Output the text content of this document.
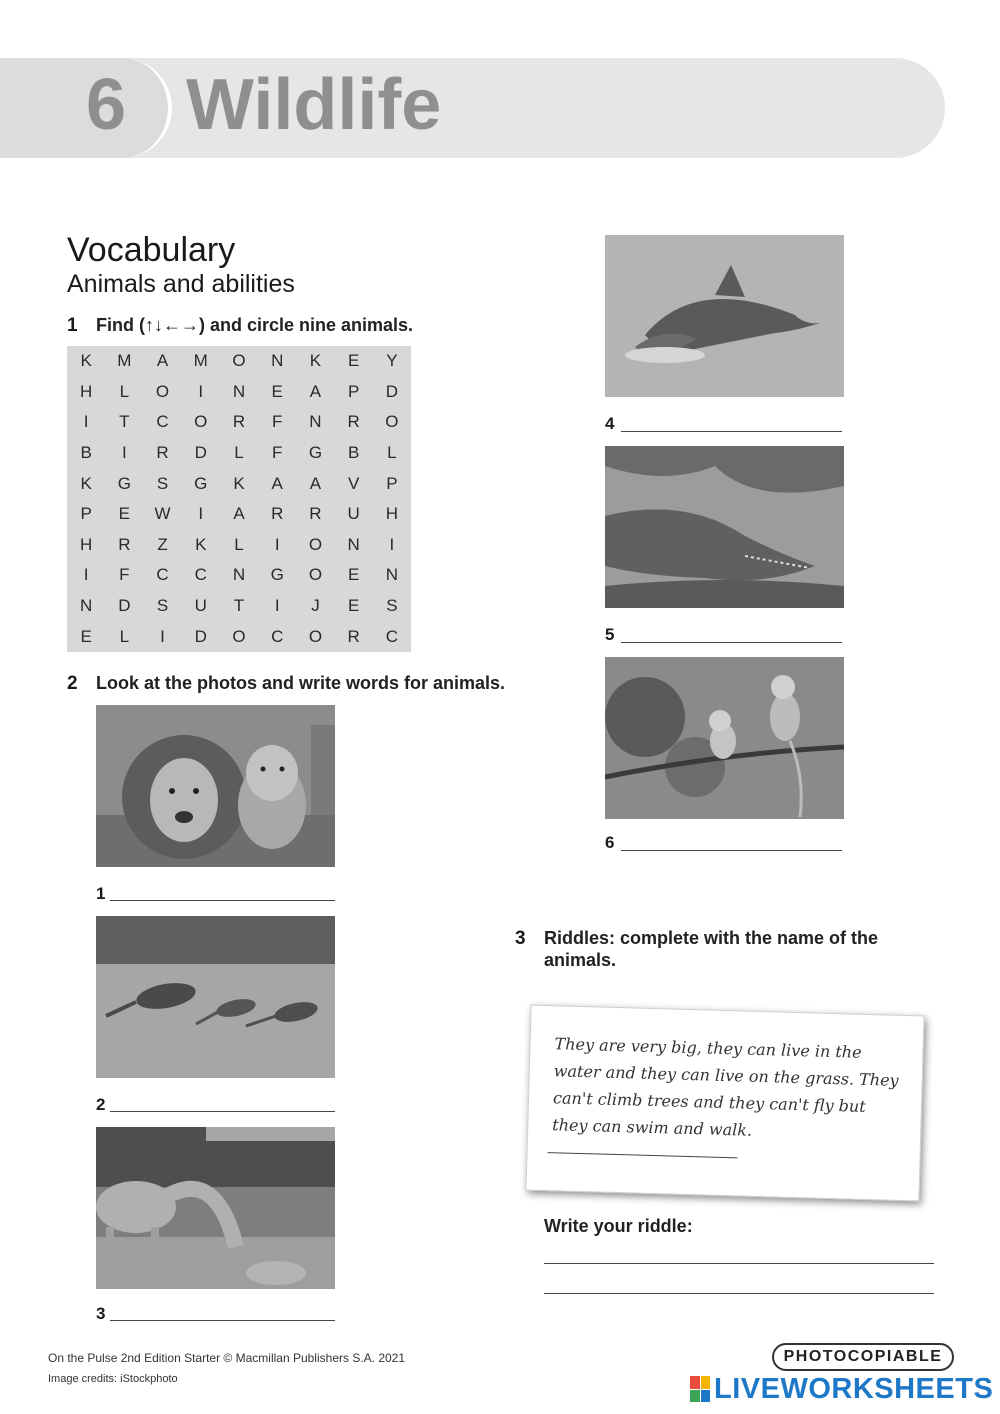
6 Wildlife
Vocabulary
Animals and abilities
1 Find (↑↓←→) and circle nine animals.
K	M	A	M	O	N	K	E	Y
H	L	O	I	N	E	A	P	D
I	T	C	O	R	F	N	R	O
B	I	R	D	L	F	G	B	L
K	G	S	G	K	A	A	V	P
P	E	W	I	A	R	R	U	H
H	R	Z	K	L	I	O	N	I
I	F	C	C	N	G	O	E	N
N	D	S	U	T	I	J	E	S
E	L	I	D	O	C	O	R	C
2 Look at the photos and write words for animals.
1
2
3
4
5
6
3 Riddles: complete with the name of the
animals.
They are very big, they can live in the water and they can live on the grass. They can't climb trees and they can't fly but they can swim and walk.
Write your riddle:
On the Pulse 2nd Edition Starter © Macmillan Publishers S.A. 2021
Image credits: iStockphoto
PHOTOCOPIABLE
LIVEWORKSHEETS
